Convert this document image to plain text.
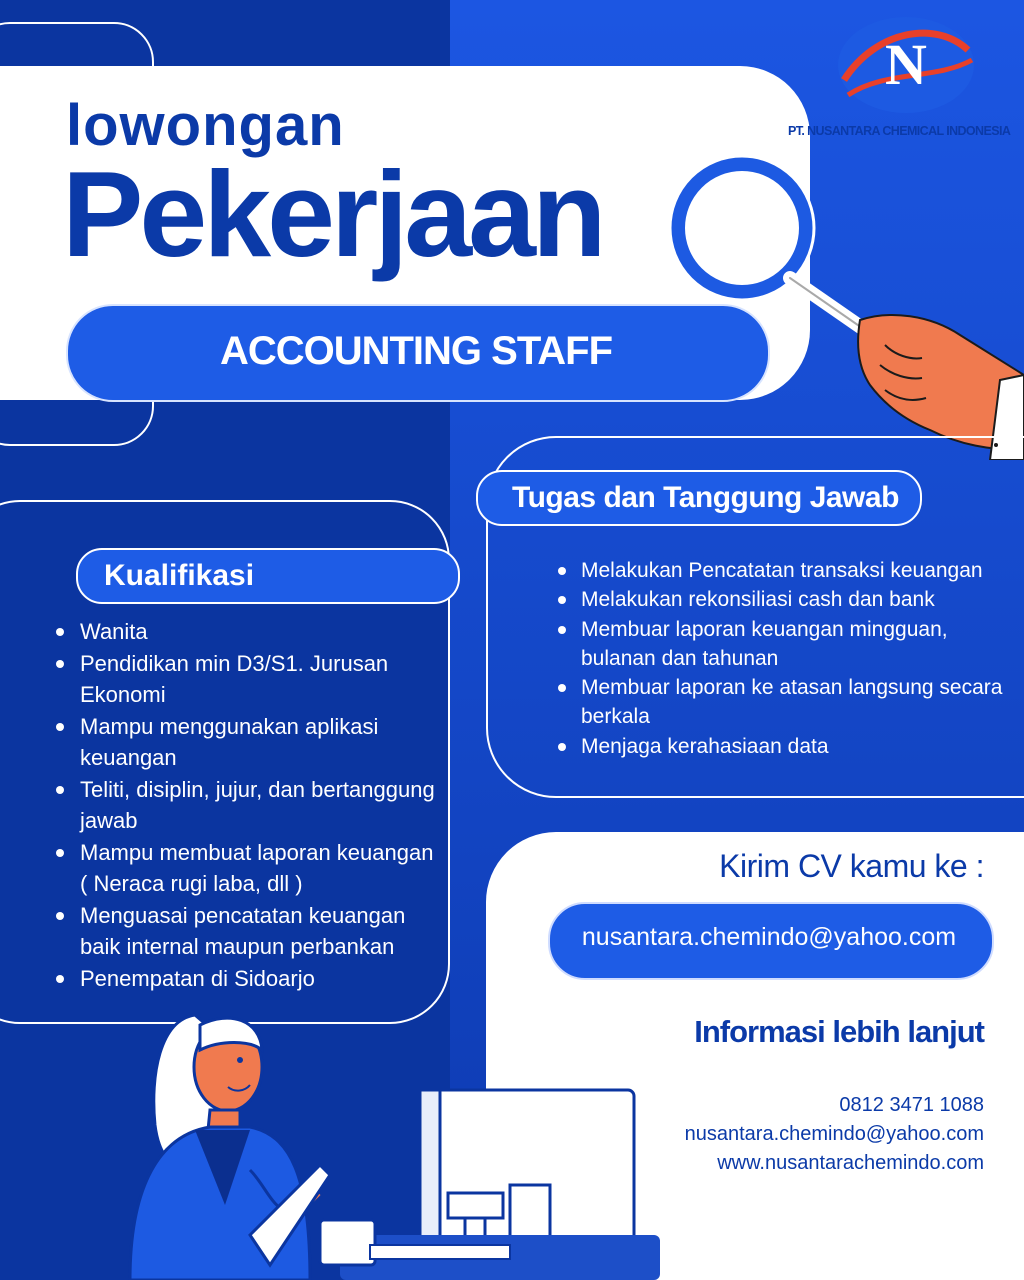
lowongan
Pekerjaan
ACCOUNTING STAFF
N
PT. NUSANTARA CHEMICAL INDONESIA
Kualifikasi
Wanita
Pendidikan min D3/S1. Jurusan Ekonomi
Mampu menggunakan aplikasi keuangan
Teliti, disiplin, jujur, dan bertanggung jawab
Mampu membuat laporan keuangan ( Neraca rugi laba, dll )
Menguasai pencatatan keuangan baik internal maupun perbankan
Penempatan di Sidoarjo
Tugas dan Tanggung Jawab
Melakukan Pencatatan transaksi keuangan
Melakukan rekonsiliasi cash dan bank
Membuar laporan keuangan mingguan, bulanan dan tahunan
Membuar laporan ke atasan langsung secara berkala
Menjaga kerahasiaan data
Kirim CV kamu ke :
nusantara.chemindo@yahoo.com
Informasi lebih lanjut
0812 3471 1088
nusantara.chemindo@yahoo.com
www.nusantarachemindo.com
